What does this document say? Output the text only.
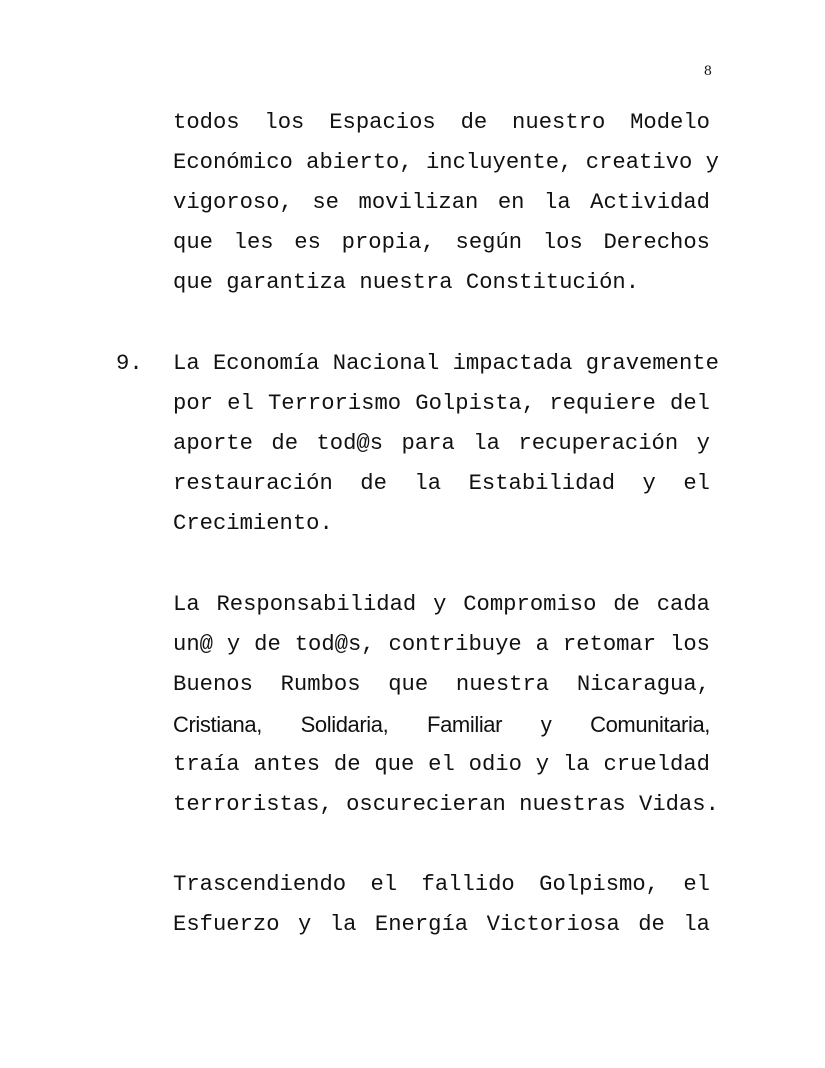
8
todos los Espacios de nuestro Modelo
Económico abierto, incluyente, creativo y
vigoroso, se movilizan en la Actividad
que les es propia, según los Derechos
que garantiza nuestra Constitución.
9. La Economía Nacional impactada gravemente
por el Terrorismo Golpista, requiere del
aporte de tod@s para la recuperación y
restauración de la Estabilidad y el
Crecimiento.
La Responsabilidad y Compromiso de cada
un@ y de tod@s, contribuye a retomar los
Buenos Rumbos que nuestra Nicaragua,
Cristiana, Solidaria, Familiar y Comunitaria,
traía antes de que el odio y la crueldad
terroristas, oscurecieran nuestras Vidas.
Trascendiendo el fallido Golpismo, el
Esfuerzo y la Energía Victoriosa de la
